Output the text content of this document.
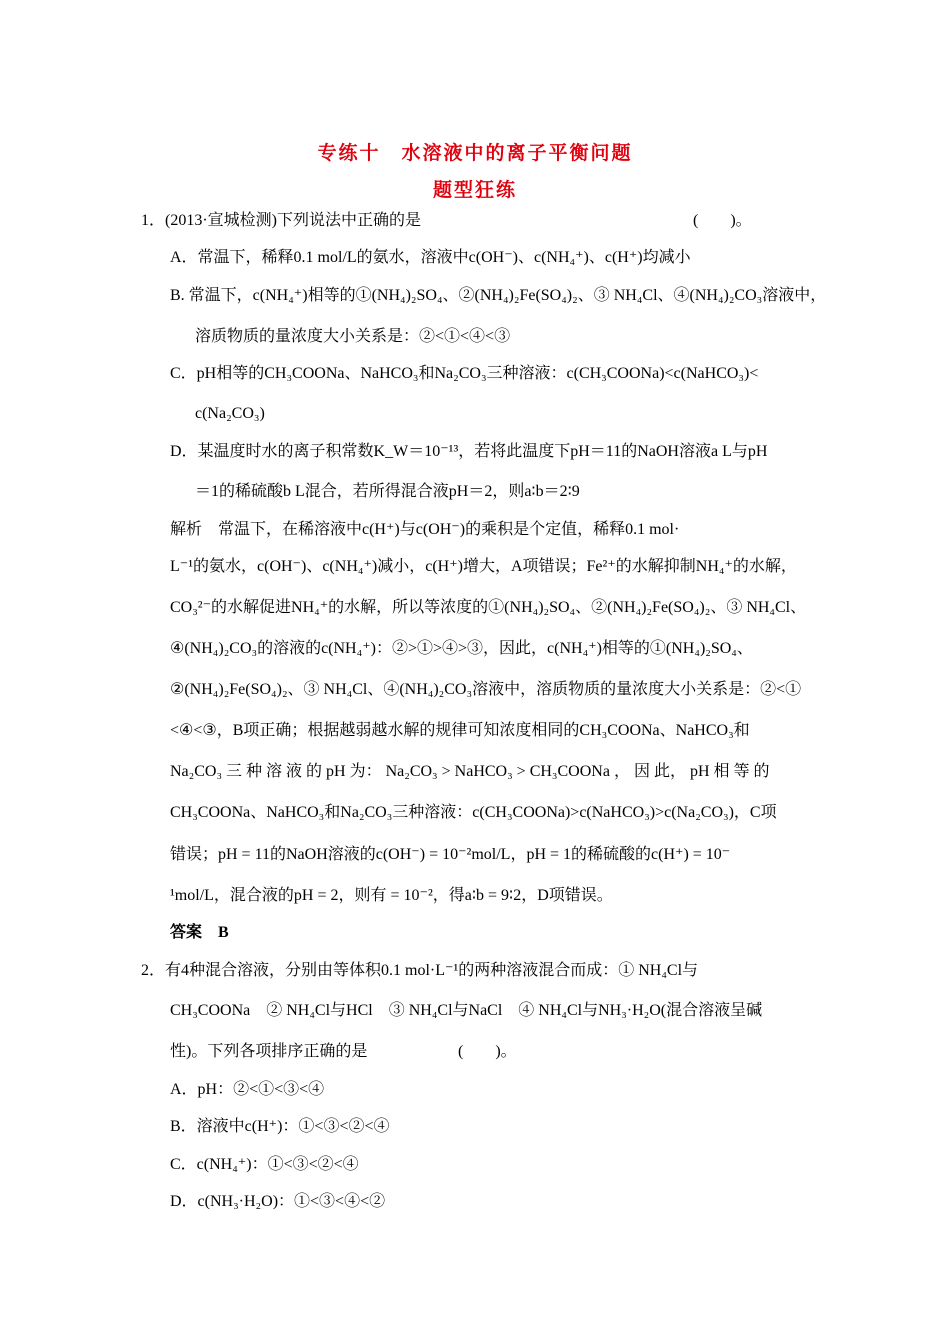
专练十　水溶液中的离子平衡问题
题型狂练
1．(2013·宣城检测)下列说法中正确的是	(　　)。
A．常温下，稀释0.1 mol/L的氨水，溶液中c(OH⁻)、c(NH₄⁺)、c(H⁺)均减小
B. 常温下，c(NH₄⁺)相等的①(NH₄)₂SO₄、②(NH₄)₂Fe(SO₄)₂、③ NH₄Cl、④(NH₄)₂CO₃溶液中，
溶质物质的量浓度大小关系是：②<①<④<③
C．pH相等的CH₃COONa、NaHCO₃和Na₂CO₃三种溶液：c(CH₃COONa)<c(NaHCO₃)<
c(Na₂CO₃)
D．某温度时水的离子积常数K_W＝10⁻¹³，若将此温度下pH＝11的NaOH溶液a L与pH
＝1的稀硫酸b L混合，若所得混合液pH＝2，则a∶b＝2∶9
解析　常温下，在稀溶液中c(H⁺)与c(OH⁻)的乘积是个定值，稀释0.1 mol·
L⁻¹的氨水，c(OH⁻)、c(NH₄⁺)减小，c(H⁺)增大，A项错误；Fe²⁺的水解抑制NH₄⁺的水解，
CO₃²⁻的水解促进NH₄⁺的水解，所以等浓度的①(NH₄)₂SO₄、②(NH₄)₂Fe(SO₄)₂、③ NH₄Cl、
④(NH₄)₂CO₃的溶液的c(NH₄⁺)：②>①>④>③，因此，c(NH₄⁺)相等的①(NH₄)₂SO₄、
②(NH₄)₂Fe(SO₄)₂、③ NH₄Cl、④(NH₄)₂CO₃溶液中，溶质物质的量浓度大小关系是：②<①
<④<③，B项正确；根据越弱越水解的规律可知浓度相同的CH₃COONa、NaHCO₃和
Na₂CO₃ 三 种 溶 液 的 pH 为： Na₂CO₃ > NaHCO₃ > CH₃COONa ， 因 此， pH 相 等 的
CH₃COONa、NaHCO₃和Na₂CO₃三种溶液：c(CH₃COONa)>c(NaHCO₃)>c(Na₂CO₃)，C项
错误；pH = 11的NaOH溶液的c(OH⁻) = 10⁻²mol/L，pH = 1的稀硫酸的c(H⁺) = 10⁻
¹mol/L，混合液的pH = 2，则有 = 10⁻²，得a∶b = 9∶2，D项错误。
答案　B
2．有4种混合溶液，分别由等体积0.1 mol·L⁻¹的两种溶液混合而成：① NH₄Cl与
CH₃COONa　② NH₄Cl与HCl　③ NH₄Cl与NaCl　④ NH₄Cl与NH₃·H₂O(混合溶液呈碱
性)。下列各项排序正确的是	(　　)。
A．pH：②<①<③<④
B．溶液中c(H⁺)：①<③<②<④
C．c(NH₄⁺)：①<③<②<④
D．c(NH₃·H₂O)：①<③<④<②
